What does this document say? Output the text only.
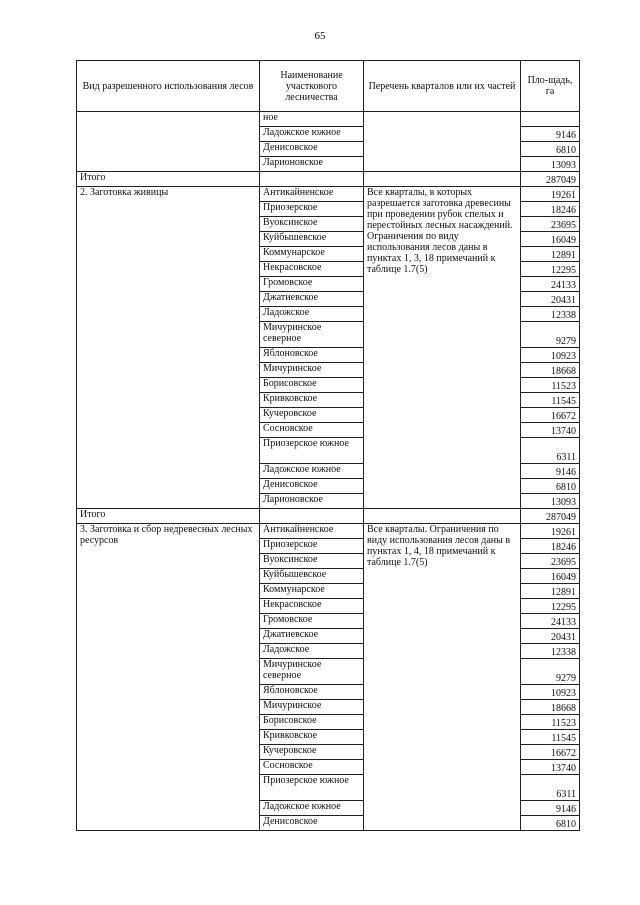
65
Вид разрешенного использования лесов	Наименование участкового лесничества	Перечень кварталов или их частей	Пло-щадь, га
	ное		
	Ладожское южное		9146
	Денисовское		6810
	Ларионовское		13093
Итого			287049
2. Заготовка живицы	Антикайненское	Все кварталы, в которых разрешается заготовка древесины при проведении рубок спелых и перестойных лесных насаждений. Ограничения по виду использования лесов даны в пунктах 1, 3, 18 примечаний к таблице 1.7(5)	19261
	Приозерское		18246
	Вуоксинское		23695
	Куйбышевское		16049
	Коммунарское		12891
	Некрасовское		12295
	Громовское		24133
	Джатиевское		20431
	Ладожское		12338
	Мичуринское северное		9279
	Яблоновское		10923
	Мичуринское		18668
	Борисовское		11523
	Кривковское		11545
	Кучеровское		16672
	Сосновское		13740
	Приозерское южное		6311
	Ладожское южное		9146
	Денисовское		6810
	Ларионовское		13093
Итого			287049
3. Заготовка и сбор недревесных лесных ресурсов	Антикайненское	Все кварталы. Ограничения по виду использования лесов даны в пунктах 1, 4, 18 примечаний к таблице 1.7(5)	19261
	Приозерское		18246
	Вуоксинское		23695
	Куйбышевское		16049
	Коммунарское		12891
	Некрасовское		12295
	Громовское		24133
	Джатиевское		20431
	Ладожское		12338
	Мичуринское северное		9279
	Яблоновское		10923
	Мичуринское		18668
	Борисовское		11523
	Кривковское		11545
	Кучеровское		16672
	Сосновское		13740
	Приозерское южное		6311
	Ладожское южное		9146
	Денисовское		6810
